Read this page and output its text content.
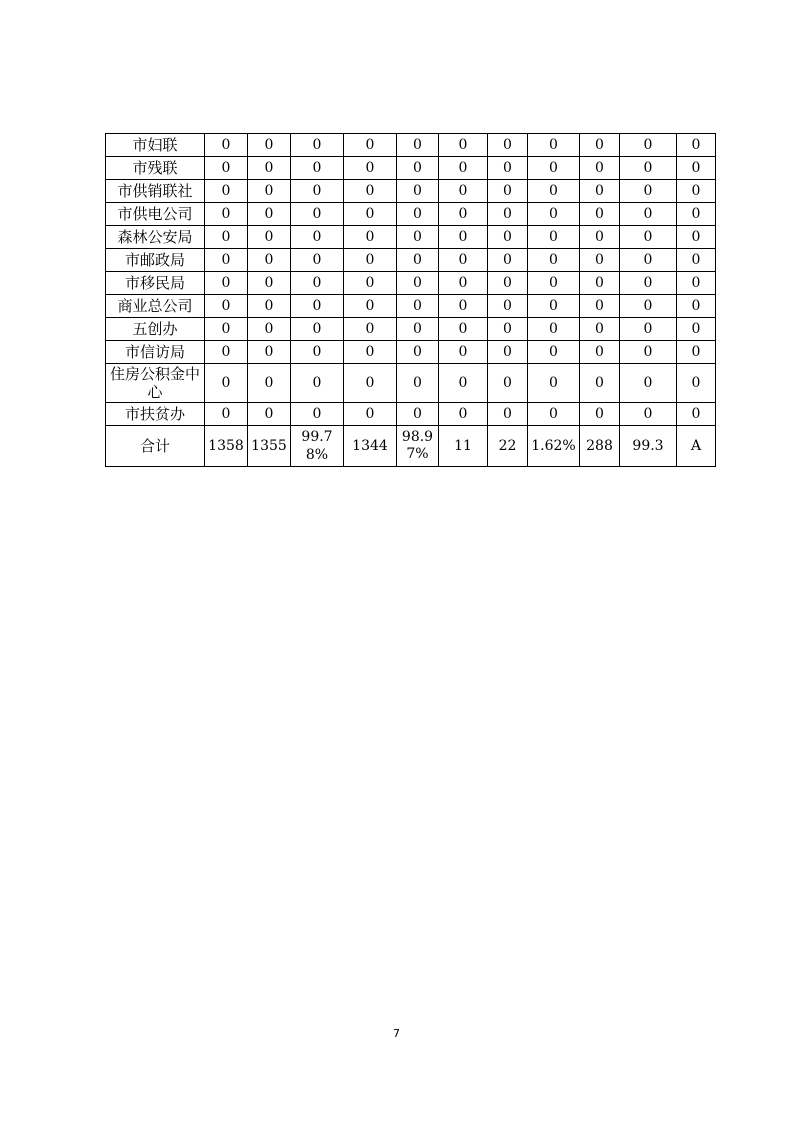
市妇联	0	0	0	0	0	0	0	0	0	0	0
市残联	0	0	0	0	0	0	0	0	0	0	0
市供销联社	0	0	0	0	0	0	0	0	0	0	0
市供电公司	0	0	0	0	0	0	0	0	0	0	0
森林公安局	0	0	0	0	0	0	0	0	0	0	0
市邮政局	0	0	0	0	0	0	0	0	0	0	0
市移民局	0	0	0	0	0	0	0	0	0	0	0
商业总公司	0	0	0	0	0	0	0	0	0	0	0
五创办	0	0	0	0	0	0	0	0	0	0	0
市信访局	0	0	0	0	0	0	0	0	0	0	0
住房公积金中心	0	0	0	0	0	0	0	0	0	0	0
市扶贫办	0	0	0	0	0	0	0	0	0	0	0
合计	1358	1355	99.78%	1344	98.97%	11	22	1.62%	288	99.3	A
7
